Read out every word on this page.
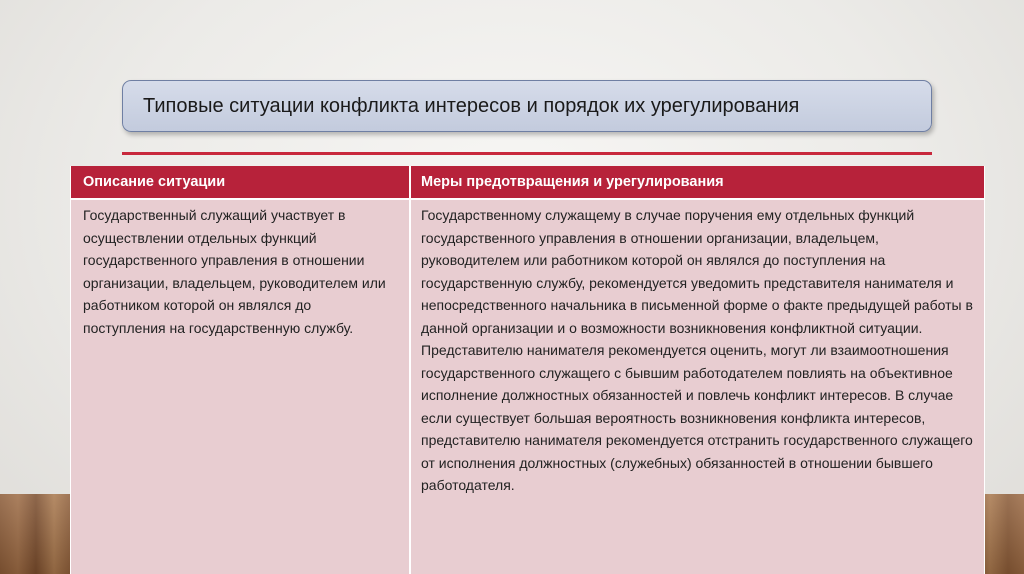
Типовые ситуации конфликта интересов и порядок их урегулирования
Описание ситуации	Меры предотвращения и урегулирования
Государственный служащий участвует в осуществлении отдельных функций государственного управления в отношении организации, владельцем, руководителем или работником которой он являлся до поступления на государственную службу.
Государственному служащему в случае поручения ему отдельных функций государственного управления в отношении организации, владельцем, руководителем или работником которой он являлся до поступления на государственную службу, рекомендуется уведомить представителя нанимателя и непосредственного начальника в письменной форме о факте предыдущей работы в данной организации и о возможности возникновения конфликтной ситуации. Представителю нанимателя рекомендуется оценить, могут ли взаимоотношения государственного служащего с бывшим работодателем повлиять на объективное исполнение должностных обязанностей и повлечь конфликт интересов. В случае если существует большая вероятность возникновения конфликта интересов, представителю нанимателя рекомендуется отстранить государственного служащего от исполнения должностных (служебных) обязанностей в отношении бывшего работодателя.
